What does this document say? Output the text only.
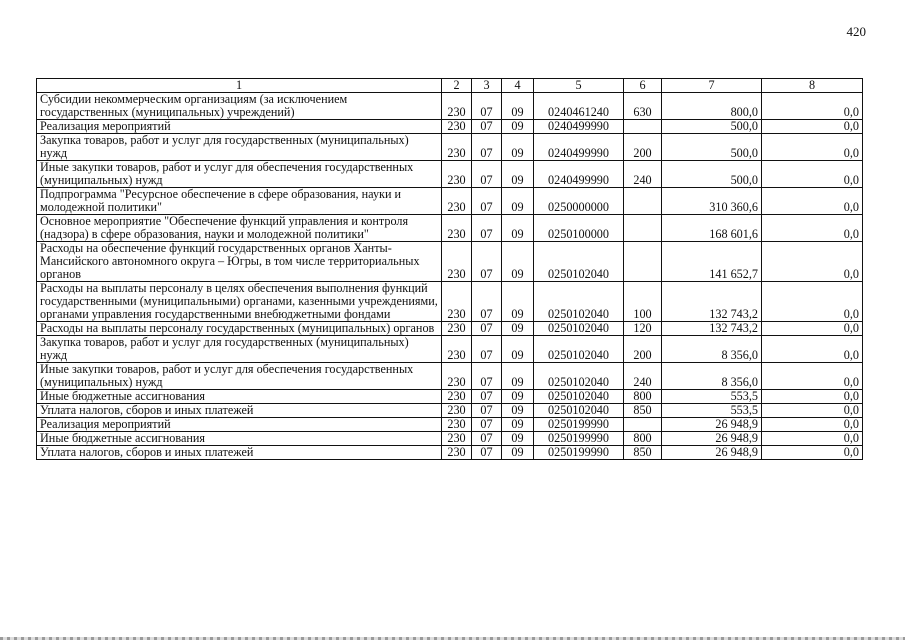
420
1	2	3	4	5	6	7	8
Субсидии некоммерческим организациям (за исключением государственных (муниципальных) учреждений)	230	07	09	0240461240	630	800,0	0,0
Реализация мероприятий	230	07	09	0240499990		500,0	0,0
Закупка товаров, работ и услуг для государственных (муниципальных) нужд	230	07	09	0240499990	200	500,0	0,0
Иные закупки товаров, работ и услуг для обеспечения государственных (муниципальных) нужд	230	07	09	0240499990	240	500,0	0,0
Подпрограмма "Ресурсное обеспечение в сфере образования, науки и молодежной политики"	230	07	09	0250000000		310 360,6	0,0
Основное мероприятие "Обеспечение функций управления и контроля (надзора) в сфере образования, науки и молодежной политики"	230	07	09	0250100000		168 601,6	0,0
Расходы на обеспечение функций государственных органов Ханты-Мансийского автономного округа – Югры, в том числе территориальных органов	230	07	09	0250102040		141 652,7	0,0
Расходы на выплаты персоналу в целях обеспечения выполнения функций государственными (муниципальными) органами, казенными учреждениями, органами управления государственными внебюджетными фондами	230	07	09	0250102040	100	132 743,2	0,0
Расходы на выплаты персоналу государственных (муниципальных) органов	230	07	09	0250102040	120	132 743,2	0,0
Закупка товаров, работ и услуг для государственных (муниципальных) нужд	230	07	09	0250102040	200	8 356,0	0,0
Иные закупки товаров, работ и услуг для обеспечения государственных (муниципальных) нужд	230	07	09	0250102040	240	8 356,0	0,0
Иные бюджетные ассигнования	230	07	09	0250102040	800	553,5	0,0
Уплата налогов, сборов и иных платежей	230	07	09	0250102040	850	553,5	0,0
Реализация мероприятий	230	07	09	0250199990		26 948,9	0,0
Иные бюджетные ассигнования	230	07	09	0250199990	800	26 948,9	0,0
Уплата налогов, сборов и иных платежей	230	07	09	0250199990	850	26 948,9	0,0
